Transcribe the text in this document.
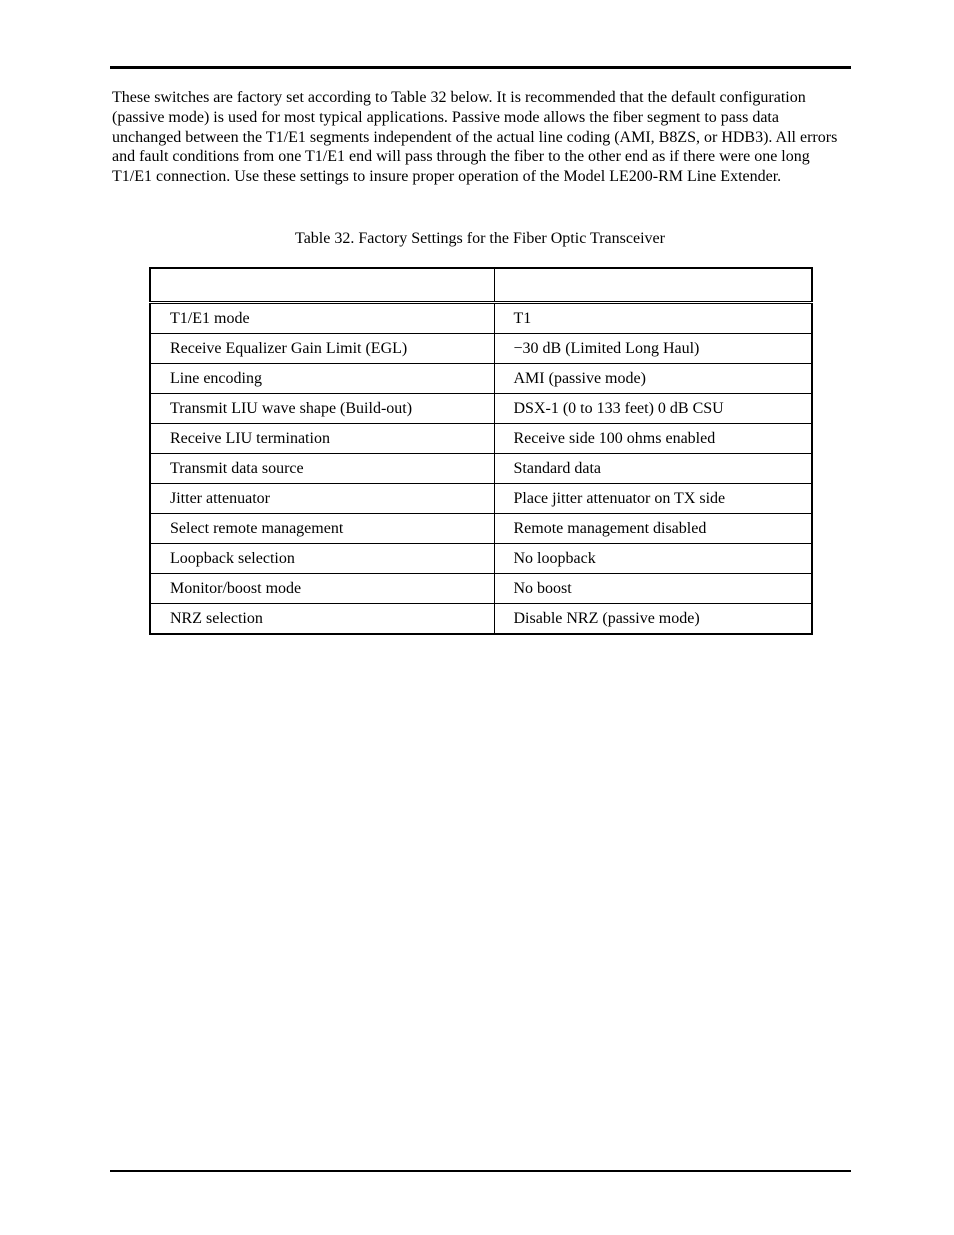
These switches are factory set according to Table 32 below. It is recommended that the default configuration (passive mode) is used for most typical applications. Passive mode allows the fiber segment to pass data unchanged between the T1/E1 segments independent of the actual line coding (AMI, B8ZS, or HDB3). All errors and fault conditions from one T1/E1 end will pass through the fiber to the other end as if there were one long T1/E1 connection. Use these settings to insure proper operation of the Model LE200-RM Line Extender.

Table 32. Factory Settings for the Fiber Optic Transceiver

T1/E1 mode	T1
Receive Equalizer Gain Limit (EGL)	−30 dB (Limited Long Haul)
Line encoding	AMI (passive mode)
Transmit LIU wave shape (Build-out)	DSX-1 (0 to 133 feet) 0 dB CSU
Receive LIU termination	Receive side 100 ohms enabled
Transmit data source	Standard data
Jitter attenuator	Place jitter attenuator on TX side
Select remote management	Remote management disabled
Loopback selection	No loopback
Monitor/boost mode	No boost
NRZ selection	Disable NRZ (passive mode)
